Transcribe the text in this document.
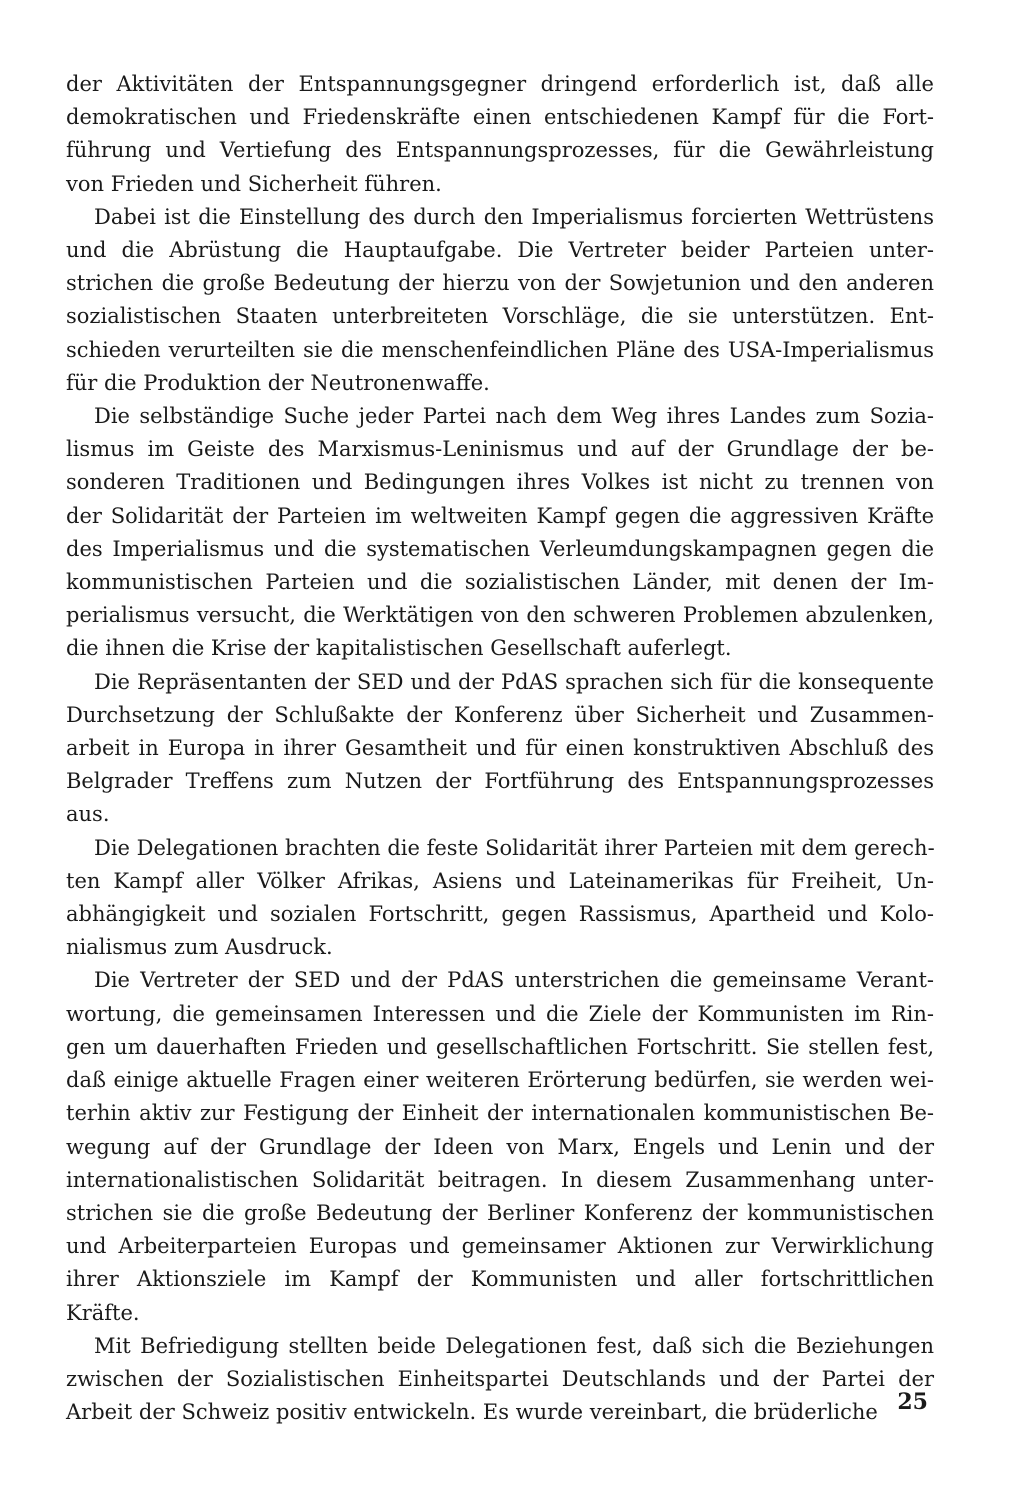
der Aktivitäten der Entspannungsgegner dringend erforderlich ist, daß alle
demokratischen und Friedenskräfte einen entschiedenen Kampf für die Fort-
führung und Vertiefung des Entspannungsprozesses, für die Gewährleistung
von Frieden und Sicherheit führen.
Dabei ist die Einstellung des durch den Imperialismus forcierten Wettrüstens
und die Abrüstung die Hauptaufgabe. Die Vertreter beider Parteien unter-
strichen die große Bedeutung der hierzu von der Sowjetunion und den anderen
sozialistischen Staaten unterbreiteten Vorschläge, die sie unterstützen. Ent-
schieden verurteilten sie die menschenfeindlichen Pläne des USA-Imperialismus
für die Produktion der Neutronenwaffe.
Die selbständige Suche jeder Partei nach dem Weg ihres Landes zum Sozia-
lismus im Geiste des Marxismus-Leninismus und auf der Grundlage der be-
sonderen Traditionen und Bedingungen ihres Volkes ist nicht zu trennen von
der Solidarität der Parteien im weltweiten Kampf gegen die aggressiven Kräfte
des Imperialismus und die systematischen Verleumdungskampagnen gegen die
kommunistischen Parteien und die sozialistischen Länder, mit denen der Im-
perialismus versucht, die Werktätigen von den schweren Problemen abzulenken,
die ihnen die Krise der kapitalistischen Gesellschaft auferlegt.
Die Repräsentanten der SED und der PdAS sprachen sich für die konsequente
Durchsetzung der Schlußakte der Konferenz über Sicherheit und Zusammen-
arbeit in Europa in ihrer Gesamtheit und für einen konstruktiven Abschluß des
Belgrader Treffens zum Nutzen der Fortführung des Entspannungsprozesses
aus.
Die Delegationen brachten die feste Solidarität ihrer Parteien mit dem gerech-
ten Kampf aller Völker Afrikas, Asiens und Lateinamerikas für Freiheit, Un-
abhängigkeit und sozialen Fortschritt, gegen Rassismus, Apartheid und Kolo-
nialismus zum Ausdruck.
Die Vertreter der SED und der PdAS unterstrichen die gemeinsame Verant-
wortung, die gemeinsamen Interessen und die Ziele der Kommunisten im Rin-
gen um dauerhaften Frieden und gesellschaftlichen Fortschritt. Sie stellen fest,
daß einige aktuelle Fragen einer weiteren Erörterung bedürfen, sie werden wei-
terhin aktiv zur Festigung der Einheit der internationalen kommunistischen Be-
wegung auf der Grundlage der Ideen von Marx, Engels und Lenin und der
internationalistischen Solidarität beitragen. In diesem Zusammenhang unter-
strichen sie die große Bedeutung der Berliner Konferenz der kommunistischen
und Arbeiterparteien Europas und gemeinsamer Aktionen zur Verwirklichung
ihrer Aktionsziele im Kampf der Kommunisten und aller fortschrittlichen
Kräfte.
Mit Befriedigung stellten beide Delegationen fest, daß sich die Beziehungen
zwischen der Sozialistischen Einheitspartei Deutschlands und der Partei der
Arbeit der Schweiz positiv entwickeln. Es wurde vereinbart, die brüderliche 25
